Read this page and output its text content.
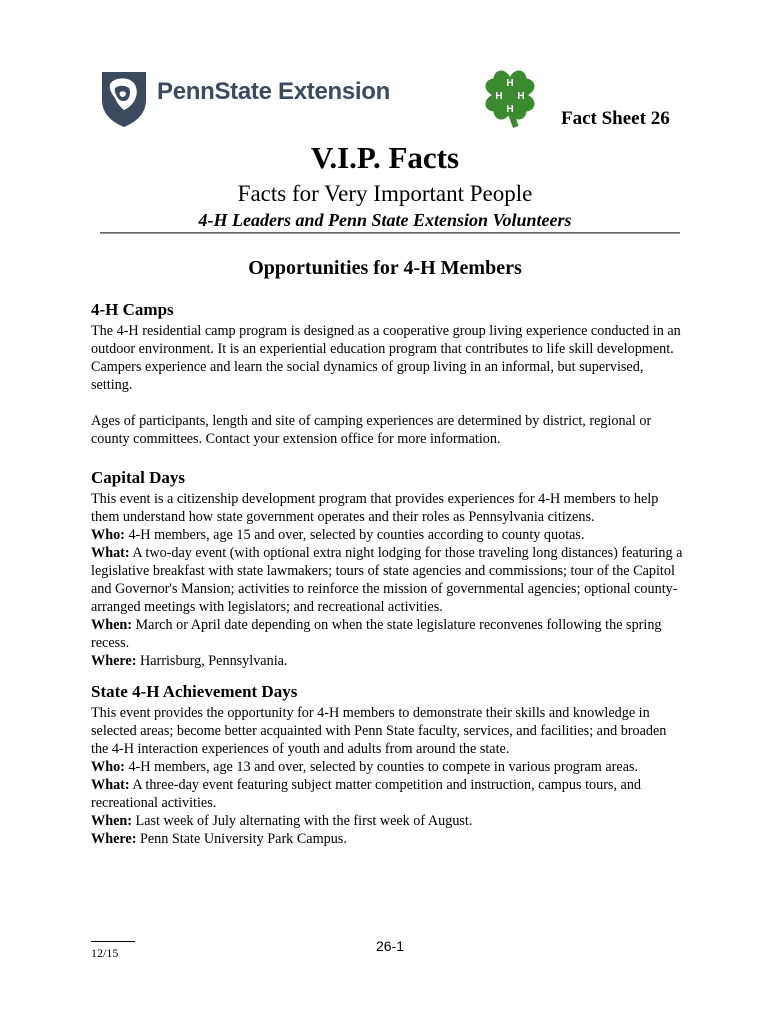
PennState Extension	H
H H
H Fact Sheet 26
V.I.P. Facts
Facts for Very Important People
4-H Leaders and Penn State Extension Volunteers
Opportunities for 4-H Members
4-H Camps

The 4-H residential camp program is designed as a cooperative group living experience conducted in an outdoor environment. It is an experiential education program that contributes to life skill development. Campers experience and learn the social dynamics of group living in an informal, but supervised, setting.

Ages of participants, length and site of camping experiences are determined by district, regional or county committees. Contact your extension office for more information.

Capital Days

This event is a citizenship development program that provides experiences for 4-H members to help them understand how state government operates and their roles as Pennsylvania citizens.

Who: 4-H members, age 15 and over, selected by counties according to county quotas.

What: A two-day event (with optional extra night lodging for those traveling long distances) featuring a legislative breakfast with state lawmakers; tours of state agencies and commissions; tour of the Capitol and Governor's Mansion; activities to reinforce the mission of governmental agencies; optional county-arranged meetings with legislators; and recreational activities.

When: March or April date depending on when the state legislature reconvenes following the spring recess.

Where: Harrisburg, Pennsylvania.

State 4-H Achievement Days

This event provides the opportunity for 4-H members to demonstrate their skills and knowledge in selected areas; become better acquainted with Penn State faculty, services, and facilities; and broaden the 4-H interaction experiences of youth and adults from around the state.

Who: 4-H members, age 13 and over, selected by counties to compete in various program areas.

What: A three-day event featuring subject matter competition and instruction, campus tours, and recreational activities.

When: Last week of July alternating with the first week of August.

Where: Penn State University Park Campus.

12/15	26-1
